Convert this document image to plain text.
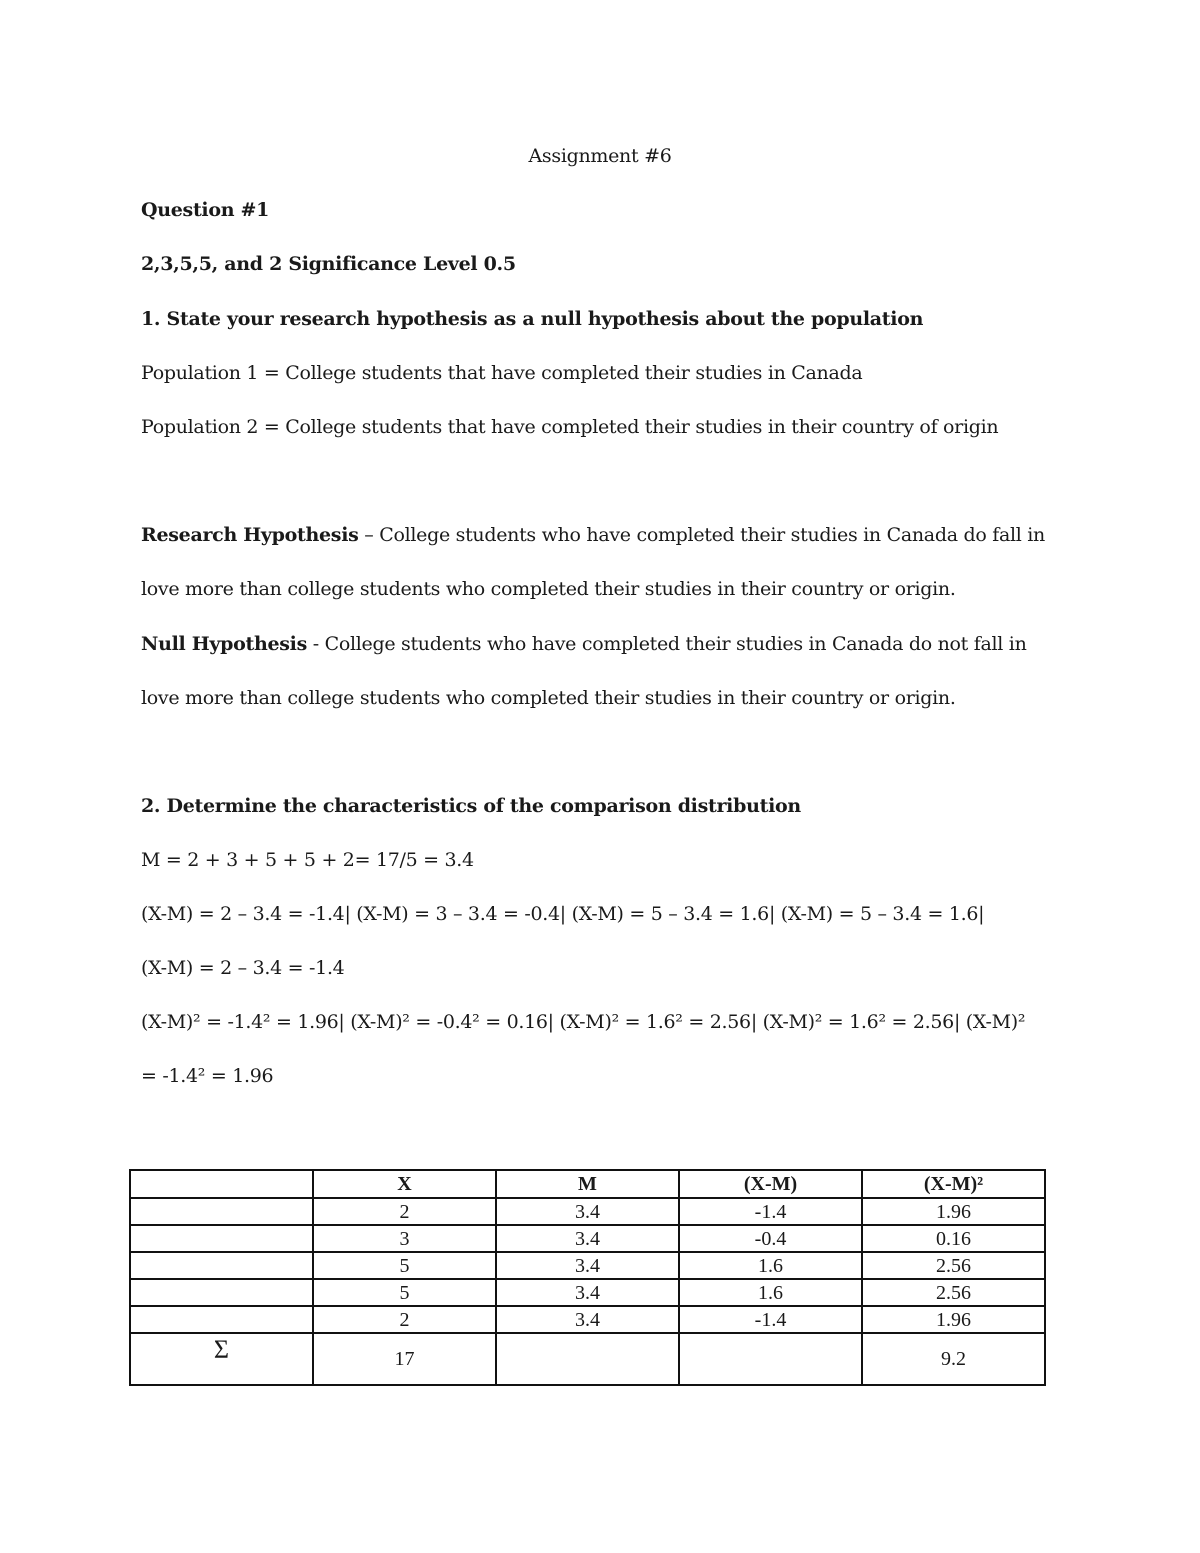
Assignment #6
Question #1
2,3,5,5, and 2 Significance Level 0.5
1. State your research hypothesis as a null hypothesis about the population
Population 1 = College students that have completed their studies in Canada
Population 2 = College students that have completed their studies in their country of origin
Research Hypothesis – College students who have completed their studies in Canada do fall in
love more than college students who completed their studies in their country or origin.
Null Hypothesis - College students who have completed their studies in Canada do not fall in
love more than college students who completed their studies in their country or origin.
2. Determine the characteristics of the comparison distribution
M = 2 + 3 + 5 + 5 + 2= 17/5 = 3.4
(X-M) = 2 – 3.4 = -1.4| (X-M) = 3 – 3.4 = -0.4| (X-M) = 5 – 3.4 = 1.6| (X-M) = 5 – 3.4 = 1.6|
(X-M) = 2 – 3.4 = -1.4
(X-M)² = -1.4² = 1.96| (X-M)² = -0.4² = 0.16| (X-M)² = 1.6² = 2.56| (X-M)² = 1.6² = 2.56| (X-M)²
= -1.4² = 1.96
	X	M	(X-M)	(X-M)²
	2	3.4	-1.4	1.96
	3	3.4	-0.4	0.16
	5	3.4	1.6	2.56
	5	3.4	1.6	2.56
	2	3.4	-1.4	1.96
Σ	17			9.2
